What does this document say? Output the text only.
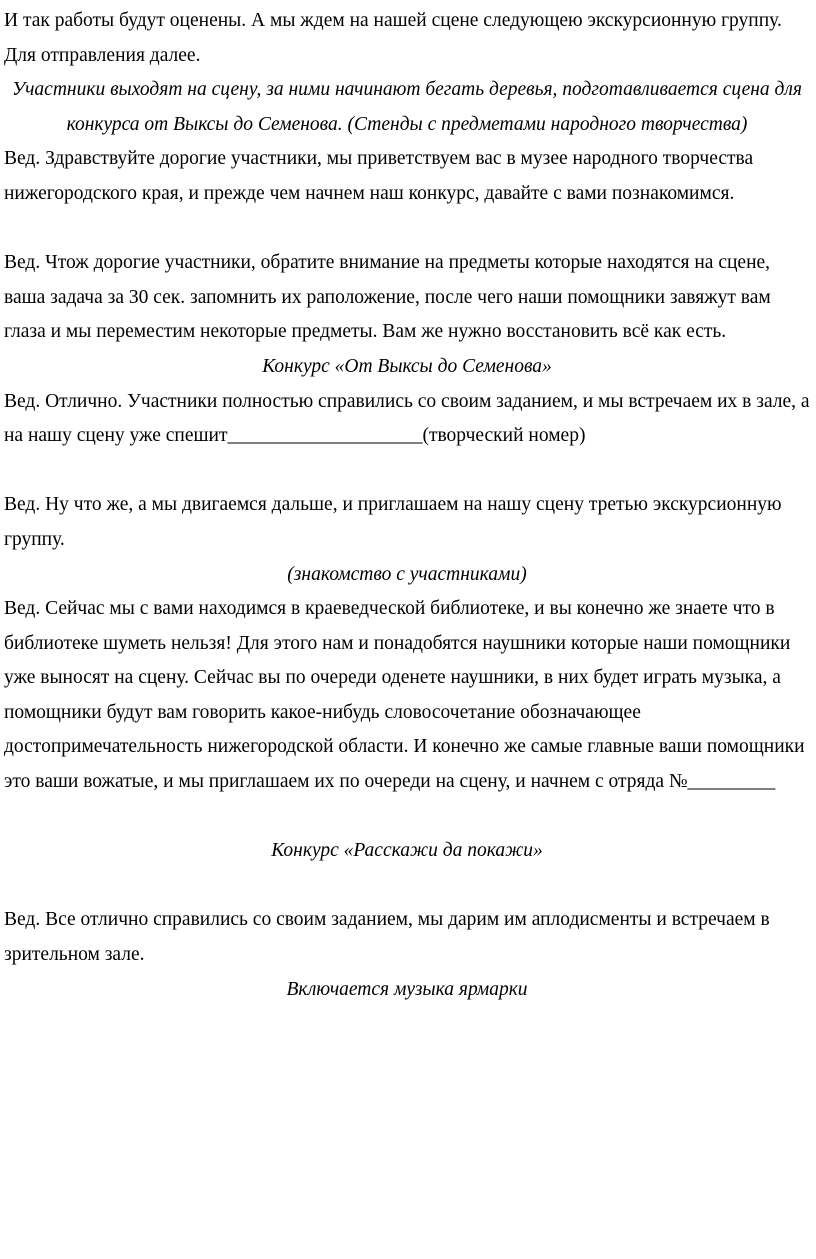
И так работы будут оценены. А мы ждем на нашей сцене следующею экскурсионную группу. Для отправления далее.

Участники выходят на сцену, за ними начинают бегать деревья, подготавливается сцена для конкурса от Выксы до Семенова. (Стенды с предметами народного творчества)

Вед. Здравствуйте дорогие участники, мы приветствуем вас в музее народного творчества нижегородского края, и прежде чем начнем наш конкурс, давайте с вами познакомимся.

Вед. Чтож дорогие участники, обратите внимание на предметы которые находятся на сцене, ваша задача за 30 сек. запомнить их раположение, после чего наши помощники завяжут вам глаза и мы переместим некоторые предметы. Вам же нужно восстановить всё как есть.

Конкурс «От Выксы до Семенова»

Вед. Отлично. Участники полностью справились со своим заданием, и мы встречаем их в зале, а на нашу сцену уже спешит____________________(творческий номер)

Вед. Ну что же, а мы двигаемся дальше, и приглашаем на нашу сцену третью экскурсионную группу.

(знакомство с участниками)

Вед. Сейчас мы с вами находимся в краеведческой библиотеке, и вы конечно же знаете что в библиотеке шуметь нельзя! Для этого нам и понадобятся наушники которые наши помощники уже выносят на сцену. Сейчас вы по очереди оденете наушники, в них будет играть музыка, а помощники будут вам говорить какое-нибудь словосочетание обозначающее достопримечательность нижегородской области. И конечно же самые главные ваши помощники это ваши вожатые, и мы приглашаем их по очереди на сцену, и начнем с отряда №_________

Конкурс «Расскажи да покажи»

Вед. Все отлично справились со своим заданием, мы дарим им аплодисменты и встречаем в зрительном зале.

Включается музыка ярмарки
